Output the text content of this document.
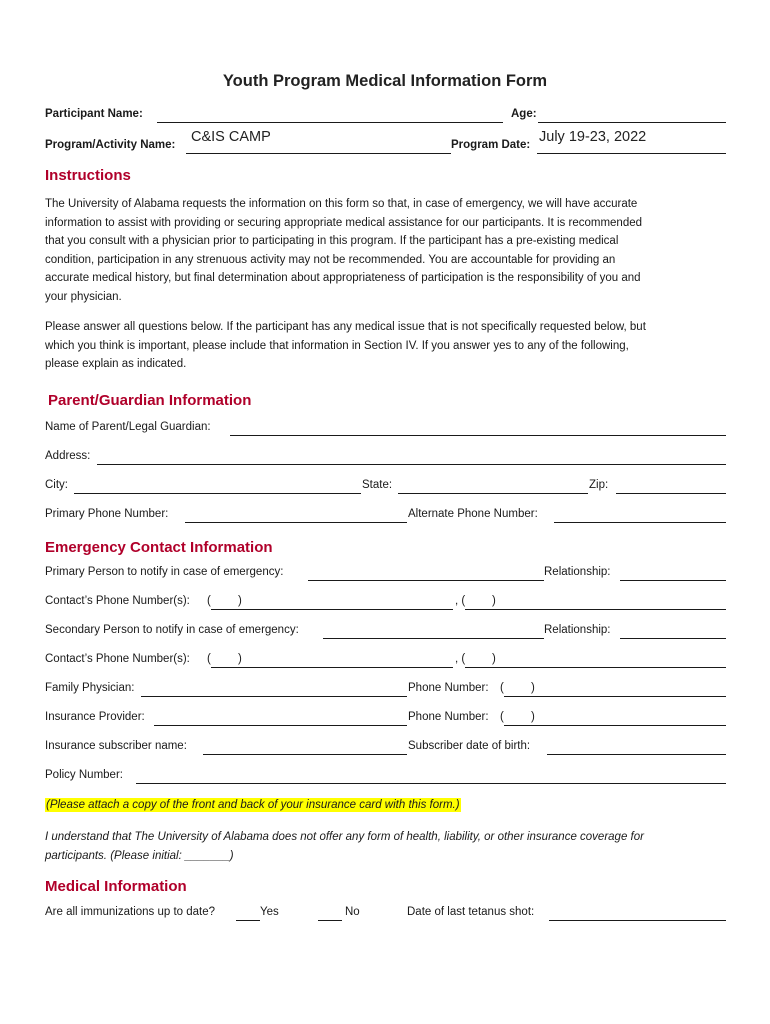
Youth Program Medical Information Form
Participant Name:	Age:
Program/Activity Name: C&IS CAMP	Program Date: July 19-23, 2022
Instructions
The University of Alabama requests the information on this form so that, in case of emergency, we will have accurate
information to assist with providing or securing appropriate medical assistance for our participants. It is recommended
that you consult with a physician prior to participating in this program. If the participant has a pre-existing medical
condition, participation in any strenuous activity may not be recommended. You are accountable for providing an
accurate medical history, but final determination about appropriateness of participation is the responsibility of you and
your physician.
Please answer all questions below. If the participant has any medical issue that is not specifically requested below, but
which you think is important, please include that information in Section IV. If you answer yes to any of the following,
please explain as indicated.
Parent/Guardian Information
Name of Parent/Legal Guardian:
Address:
City:	State:	Zip:
Primary Phone Number:	Alternate Phone Number:
Emergency Contact Information
Primary Person to notify in case of emergency:	Relationship:
Contact’s Phone Number(s): ( )	, ( )
Secondary Person to notify in case of emergency:	Relationship:
Contact’s Phone Number(s): ( )	, ( )
Family Physician:	Phone Number: ( )
Insurance Provider:	Phone Number: ( )
Insurance subscriber name:	Subscriber date of birth:
Policy Number:
(Please attach a copy of the front and back of your insurance card with this form.)
I understand that The University of Alabama does not offer any form of health, liability, or other insurance coverage for
participants. (Please initial: _______)
Medical Information
Are all immunizations up to date?	Yes	No	Date of last tetanus shot:
